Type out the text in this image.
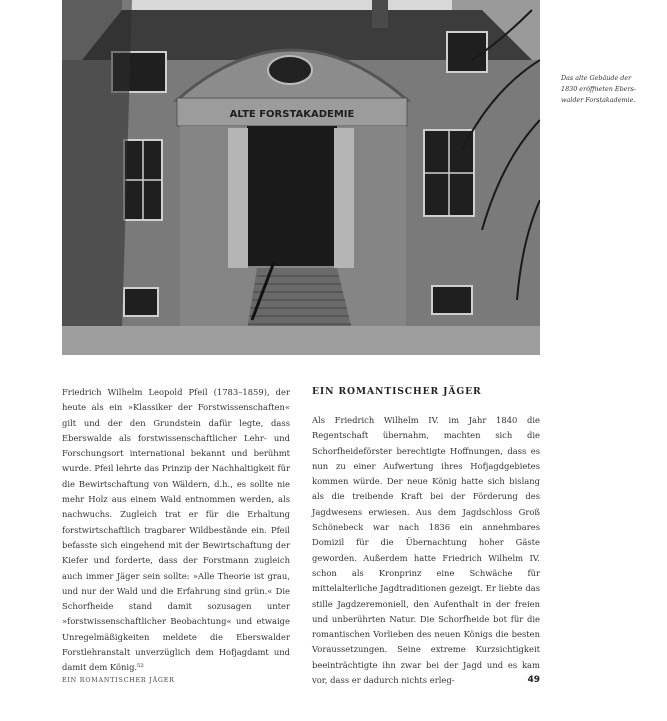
ALTE FORSTAKADEMIE
Das alte Gebäude der
1830 eröffneten Ebers-
walder Forstakademie.

Friedrich Wilhelm Leopold Pfeil (1783–1859), der heute als ein »Klassiker der Forstwissenschaften« gilt und der den Grundstein dafür legte, dass Eberswalde als forstwissenschaftlicher Lehr- und Forschungsort international bekannt und berühmt wurde. Pfeil lehrte das Prinzip der Nachhaltigkeit für die Bewirtschaftung von Wäldern, d.h., es sollte nie mehr Holz aus einem Wald entnommen werden, als nachwuchs. Zugleich trat er für die Erhaltung forstwirtschaftlich tragbarer Wildbestände ein. Pfeil befasste sich eingehend mit der Bewirtschaftung der Kiefer und forderte, dass der Forstmann zugleich auch immer Jäger sein sollte: »Alle Theorie ist grau, und nur der Wald und die Erfahrung sind grün.« Die Schorfheide stand damit sozusagen unter »forstwissenschaftlicher Beobachtung« und etwaige Unregelmäßigkeiten meldete die Eberswalder Forstlehranstalt unverzüglich dem Hofjagdamt und damit dem König.⁵²

EIN ROMANTISCHER JÄGER

Als Friedrich Wilhelm IV. im Jahr 1840 die Regentschaft übernahm, machten sich die Schorfheideförster berechtigte Hoffnungen, dass es nun zu einer Aufwertung ihres Hofjagdgebietes kommen würde. Der neue König hatte sich bislang als die treibende Kraft bei der Förderung des Jagdwesens erwiesen. Aus dem Jagdschloss Groß Schönebeck war nach 1836 ein annehmbares Domizil für die Übernachtung hoher Gäste geworden. Außerdem hatte Friedrich Wilhelm IV. schon als Kronprinz eine Schwäche für mittelalterliche Jagdtraditionen gezeigt. Er liebte das stille Jagdzeremoniell, den Aufenthalt in der freien und unberührten Natur. Die Schorfheide bot für die romantischen Vorlieben des neuen Königs die besten Voraussetzungen. Seine extreme Kurzsichtigkeit beeinträchtigte ihn zwar bei der Jagd und es kam vor, dass er dadurch nichts erleg-

EIN ROMANTISCHER JÄGER	49
